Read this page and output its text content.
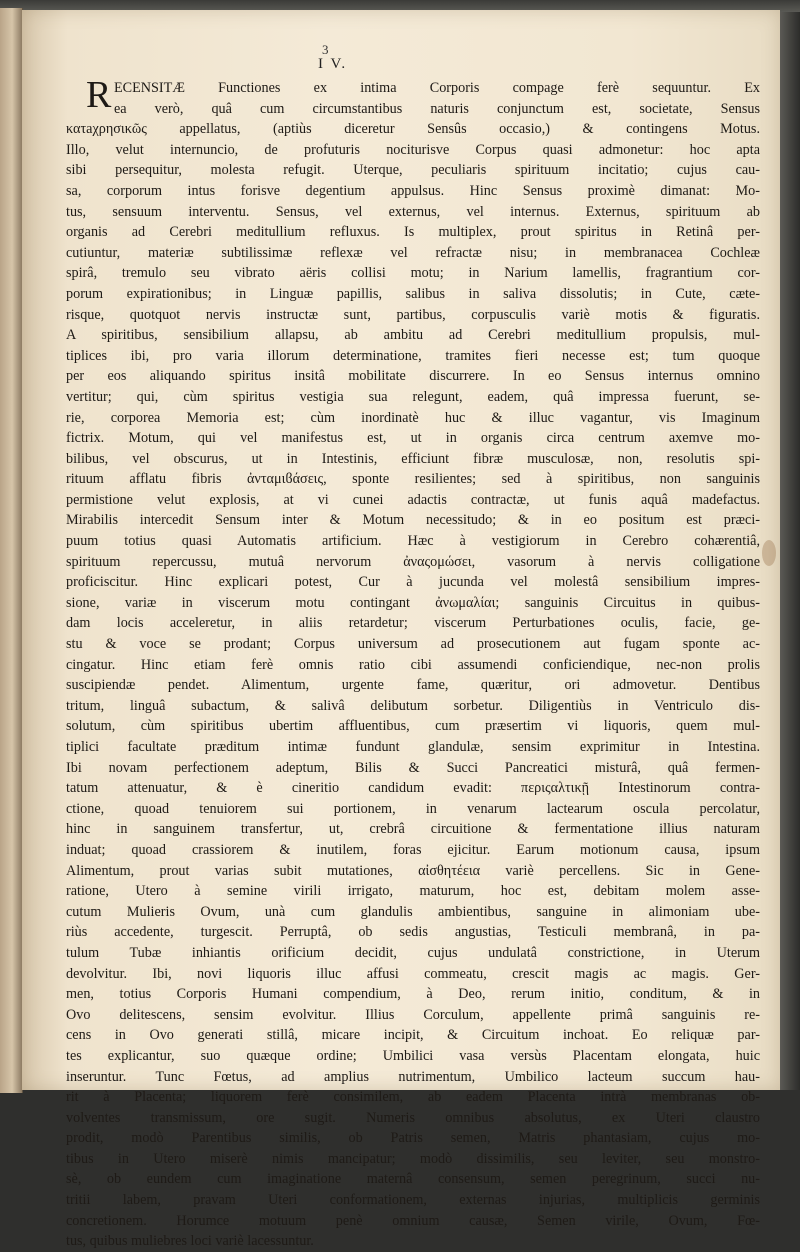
3
I V.
R ECENSITÆ Functiones ex intima Corporis compage ferè sequuntur. Ex
ea verò, quâ cum circumstantibus naturis conjunctum est, societate, Sensus
κατaχρησικῶς appellatus, (aptiùs diceretur Sensûs occasio,) & contingens Motus.
Illo, velut internuncio, de profuturis nociturisve Corpus quasi admonetur: hoc apta
sibi persequitur, molesta refugit. Uterque, peculiaris spirituum incitatio; cujus cau-
sa, corporum intus forisve degentium appulsus. Hinc Sensus proximè dimanat: Mo-
tus, sensuum interventu. Sensus, vel externus, vel internus. Externus, spirituum ab
organis ad Cerebri meditullium refluxus. Is multiplex, prout spiritus in Retinâ per-
cutiuntur, materiæ subtilissimæ reflexæ vel refractæ nisu; in membranacea Cochleæ
spirâ, tremulo seu vibrato aëris collisi motu; in Narium lamellis, fragrantium cor-
porum expirationibus; in Linguæ papillis, salibus in saliva dissolutis; in Cute, cæte-
risque, quotquot nervis instructæ sunt, partibus, corpusculis variè motis & figuratis.
A spiritibus, sensibilium allapsu, ab ambitu ad Cerebri meditullium propulsis, mul-
tiplices ibi, pro varia illorum determinatione, tramites fieri necesse est; tum quoque
per eos aliquando spiritus insitâ mobilitate discurrere. In eo Sensus internus omnino
vertitur; qui, cùm spiritus vestigia sua relegunt, eadem, quâ impressa fuerunt, se-
rie, corporea Memoria est; cùm inordinatè huc & illuc vagantur, vis Imaginum
fictrix. Motum, qui vel manifestus est, ut in organis circa centrum axemve mo-
bilibus, vel obscurus, ut in Intestinis, efficiunt fibræ musculosæ, non, resolutis spi-
rituum afflatu fibris ἀνταμιϐάσεις, sponte resilientes; sed à spiritibus, non sanguinis
permistione velut explosis, at vi cunei adactis contractæ, ut funis aquâ madefactus.
Mirabilis intercedit Sensum inter & Motum necessitudo; & in eo positum est præci-
puum totius quasi Automatis artificium. Hæc à vestigiorum in Cerebro cohærentiâ,
spirituum repercussu, mutuâ nervorum ἀναςομώσει, vasorum à nervis colligatione
proficiscitur. Hinc explicari potest, Cur à jucunda vel molestâ sensibilium impres-
sione, variæ in viscerum motu contingant ἀνωμαλίαι; sanguinis Circuitus in quibus-
dam locis acceleretur, in aliis retardetur; viscerum Perturbationes oculis, facie, ge-
stu & voce se prodant; Corpus universum ad prosecutionem aut fugam sponte ac-
cingatur. Hinc etiam ferè omnis ratio cibi assumendi conficiendique, nec-non prolis
suscipiendæ pendet. Alimentum, urgente fame, quæritur, ori admovetur. Dentibus
tritum, linguâ subactum, & salivâ delibutum sorbetur. Diligentiùs in Ventriculo dis-
solutum, cùm spiritibus ubertim affluentibus, cum præsertim vi liquoris, quem mul-
tiplici facultate præditum intimæ fundunt glandulæ, sensim exprimitur in Intestina.
Ibi novam perfectionem adeptum, Bilis & Succi Pancreatici misturâ, quâ fermen-
tatum attenuatur, & è cineritio candidum evadit: περιςαλτικῇ Intestinorum contra-
ctione, quoad tenuiorem sui portionem, in venarum lactearum oscula percolatur,
hinc in sanguinem transfertur, ut, crebrâ circuitione & fermentatione illius naturam
induat; quoad crassiorem & inutilem, foras ejicitur. Earum motionum causa, ipsum
Alimentum, prout varias subit mutationes, αἰσθητέεια variè percellens. Sic in Gene-
ratione, Utero à semine virili irrigato, maturum, hoc est, debitam molem asse-
cutum Mulieris Ovum, unà cum glandulis ambientibus, sanguine in alimoniam ube-
riùs accedente, turgescit. Perruptâ, ob sedis angustias, Testiculi membranâ, in pa-
tulum Tubæ inhiantis orificium decidit, cujus undulatâ constrictione, in Uterum
devolvitur. Ibi, novi liquoris illuc affusi commeatu, crescit magis ac magis. Ger-
men, totius Corporis Humani compendium, à Deo, rerum initio, conditum, & in
Ovo delitescens, sensim evolvitur. Illius Corculum, appellente primâ sanguinis re-
cens in Ovo generati stillâ, micare incipit, & Circuitum inchoat. Eo reliquæ par-
tes explicantur, suo quæque ordine; Umbilici vasa versùs Placentam elongata, huic
inseruntur. Tunc Fœtus, ad amplius nutrimentum, Umbilico lacteum succum hau-
rit à Placenta; liquorem ferè consimilem, ab eadem Placenta intrà membranas ob-
volventes transmissum, ore sugit. Numeris omnibus absolutus, ex Uteri claustro
prodit, modò Parentibus similis, ob Patris semen, Matris phantasiam, cujus mo-
tibus in Utero miserè nimis mancipatur; modò dissimilis, seu leviter, seu monstro-
sè, ob eundem cum imaginatione maternâ consensum, semen peregrinum, succi nu-
tritii labem, pravam Uteri conformationem, externas injurias, multiplicis germinis
concretionem. Horumce motuum penè omnium causæ, Semen virile, Ovum, Fœ-
tus, quibus muliebres loci variè lacessuntur.
